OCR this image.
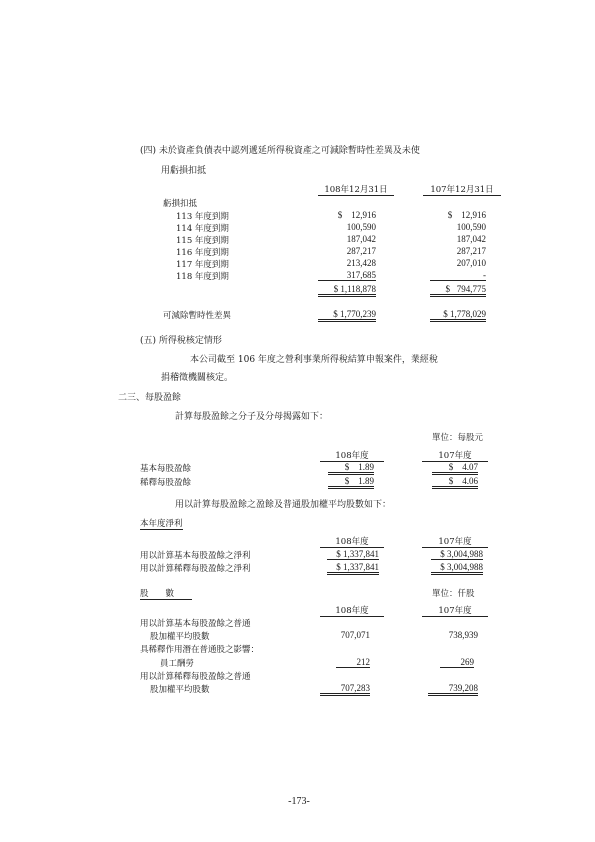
(四) 未於資產負債表中認列遞延所得稅資產之可減除暫時性差異及未使
用虧損扣抵
108年12月31日	107年12月31日
虧損扣抵
113 年度到期	$    12,916	$    12,916
114 年度到期	100,590	100,590
115 年度到期	187,042	187,042
116 年度到期	287,217	287,217
117 年度到期	213,428	207,010
118 年度到期	317,685	-
$ 1,118,878	$   794,775
可減除暫時性差異	$ 1,770,239	$ 1,778,029
(五) 所得稅核定情形
本公司截至 106 年度之營利事業所得稅結算申報案件，業經稅
捐稽徵機關核定。
二三、每股盈餘
計算每股盈餘之分子及分母揭露如下：
單位：每股元
108年度	107年度
基本每股盈餘	$    1.89	$    4.07
稀釋每股盈餘	$    1.89	$    4.06
用以計算每股盈餘之盈餘及普通股加權平均股數如下：
本年度淨利
108年度	107年度
用以計算基本每股盈餘之淨利	$ 1,337,841	$ 3,004,988
用以計算稀釋每股盈餘之淨利	$ 1,337,841	$ 3,004,988
股　　數	單位：仟股
108年度	107年度
用以計算基本每股盈餘之普通
股加權平均股數	707,071	738,939
具稀釋作用潛在普通股之影響：
員工酬勞	212	269
用以計算稀釋每股盈餘之普通
股加權平均股數	707,283	739,208
-173-
